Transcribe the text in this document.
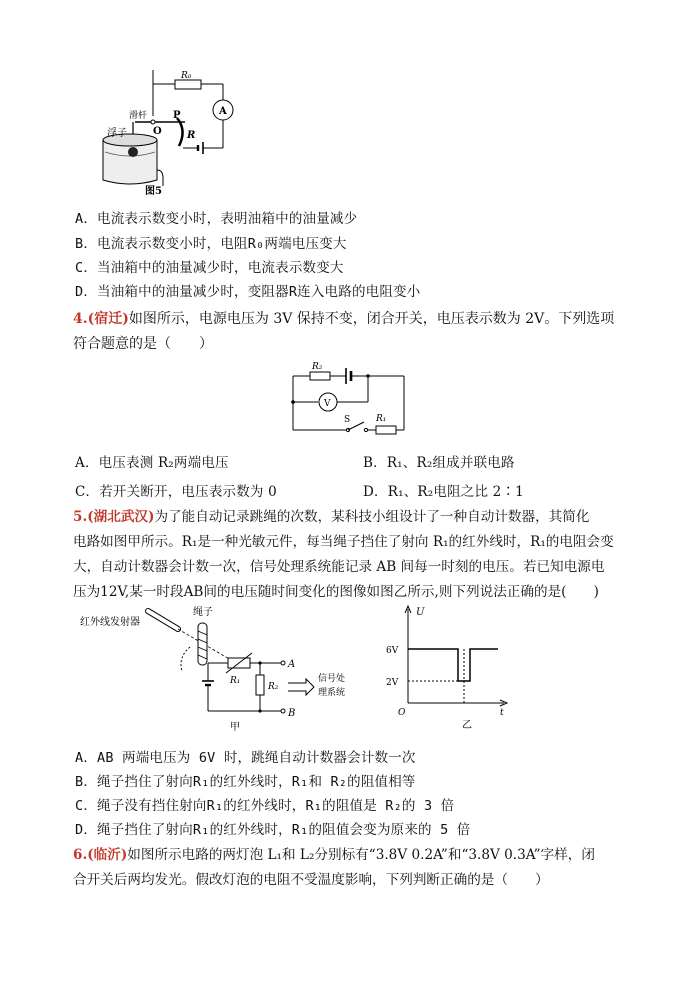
浮子
滑杆	P
O	R
R₀
A
图5
A．电流表示数变小时，表明油箱中的油量减少
B．电流表示数变小时，电阻R₀两端电压变大
C．当油箱中的油量减少时，电流表示数变大
D．当油箱中的油量减少时，变阻器R连入电路的电阻变小
4.(宿迁)如图所示，电源电压为 3V 保持不变，闭合开关，电压表示数为 2V。下列选项
符合题意的是（　　）
R₂
V
S	R₁
A．电压表测 R₂两端电压	B．R₁、R₂组成并联电路
C．若开关断开，电压表示数为 0	D．R₁、R₂电阻之比 2∶1
5.(湖北武汉)为了能自动记录跳绳的次数，某科技小组设计了一种自动计数器，其简化
电路如图甲所示。R₁是一种光敏元件，每当绳子挡住了射向 R₁的红外线时，R₁的电阻会变
大，自动计数器会计数一次，信号处理系统能记录 AB 间每一时刻的电压。若已知电源电
压为12V,某一时段AB间的电压随时间变化的图像如图乙所示,则下列说法正确的是(　　)
红外线发射器
绳子
R₁
R₂
A
B
信号处
理系统
甲
U
6V
2V
O	t
乙
A．AB 两端电压为 6V 时，跳绳自动计数器会计数一次
B．绳子挡住了射向R₁的红外线时，R₁和 R₂的阻值相等
C．绳子没有挡住射向R₁的红外线时，R₁的阻值是 R₂的 3 倍
D．绳子挡住了射向R₁的红外线时，R₁的阻值会变为原来的 5 倍
6.(临沂)如图所示电路的两灯泡 L₁和 L₂分别标有“3.8V 0.2A”和“3.8V 0.3A”字样，闭
合开关后两均发光。假改灯泡的电阻不受温度影响，下列判断正确的是（　　）
